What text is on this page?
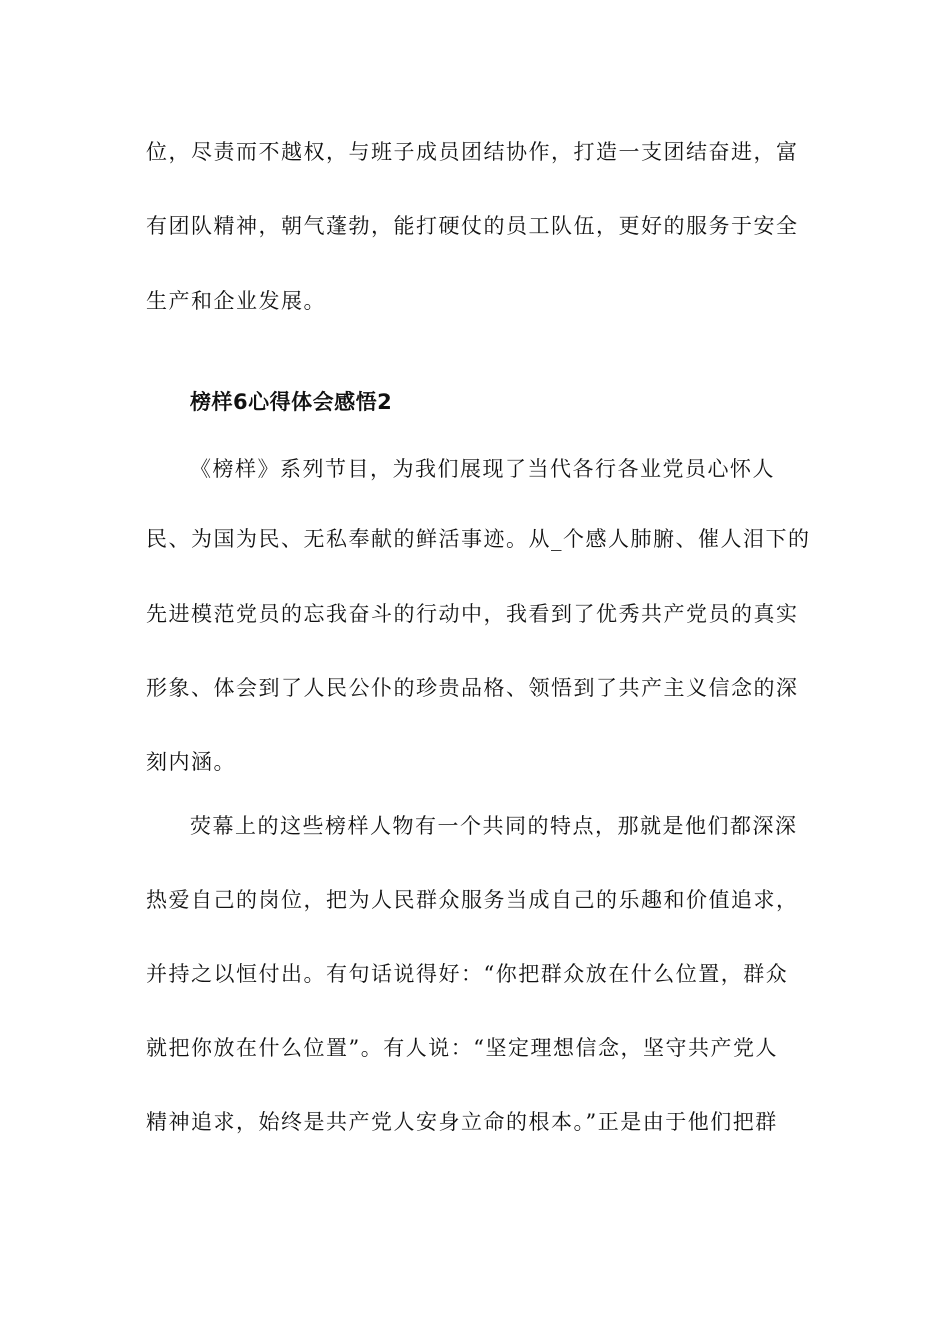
位，尽责而不越权，与班子成员团结协作，打造一支团结奋进，富
有团队精神，朝气蓬勃，能打硬仗的员工队伍，更好的服务于安全
生产和企业发展。
榜样6心得体会感悟2
《榜样》系列节目，为我们展现了当代各行各业党员心怀人
民、为国为民、无私奉献的鲜活事迹。从_个感人肺腑、催人泪下的
先进模范党员的忘我奋斗的行动中，我看到了优秀共产党员的真实
形象、体会到了人民公仆的珍贵品格、领悟到了共产主义信念的深
刻内涵。
荧幕上的这些榜样人物有一个共同的特点，那就是他们都深深
热爱自己的岗位，把为人民群众服务当成自己的乐趣和价值追求，
并持之以恒付出。有句话说得好：“你把群众放在什么位置，群众
就把你放在什么位置”。有人说：“坚定理想信念，坚守共产党人
精神追求，始终是共产党人安身立命的根本。”正是由于他们把群
